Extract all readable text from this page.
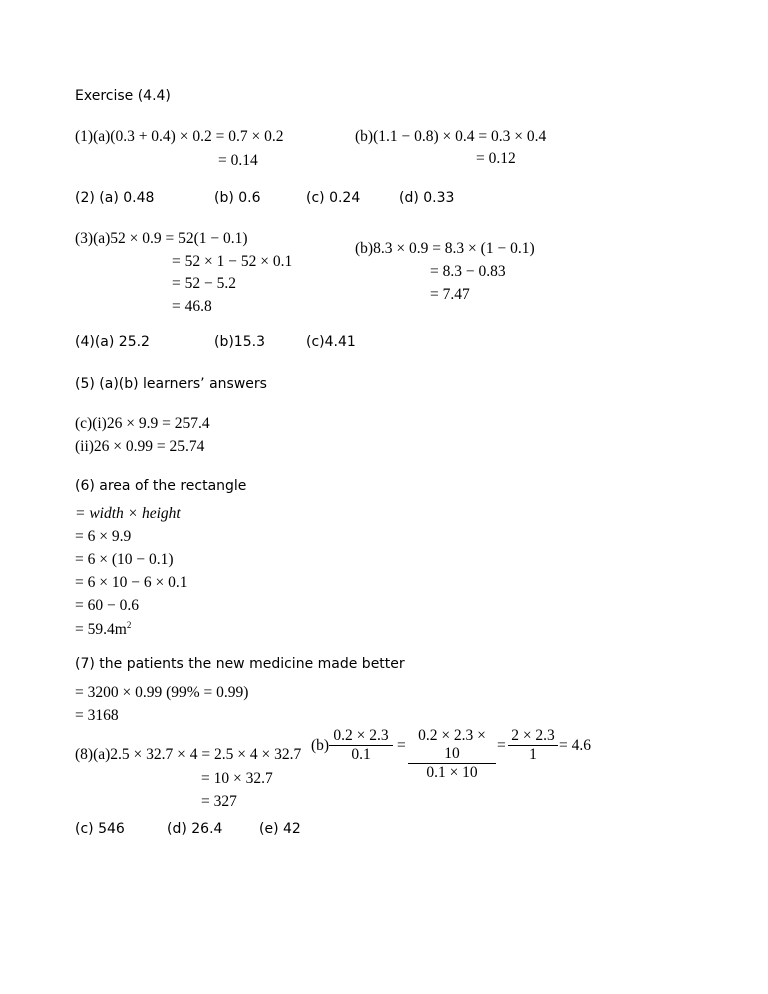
Exercise (4.4)
(1)(a)(0.3 + 0.4) × 0.2 = 0.7 × 0.2
= 0.14
(b)(1.1 − 0.8) × 0.4 = 0.3 × 0.4
= 0.12
(2) (a) 0.48	(b) 0.6	(c) 0.24	(d) 0.33
(3)(a)52 × 0.9 = 52(1 − 0.1)
= 52 × 1 − 52 × 0.1
= 52 − 5.2
= 46.8
(b)8.3 × 0.9 = 8.3 × (1 − 0.1)
= 8.3 − 0.83
= 7.47
(4)(a) 25.2	(b)15.3	(c)4.41
(5) (a)(b) learners’ answers
(c)(i)26 × 9.9 = 257.4
(ii)26 × 0.99 = 25.74
(6) area of the rectangle
= width × height
= 6 × 9.9
= 6 × (10 − 0.1)
= 6 × 10 − 6 × 0.1
= 60 − 0.6
= $59.4m^2$
(7) the patients the new medicine made better
= 3200 × 0.99 (99% = 0.99)
= 3168
(8)(a)2.5 × 32.7 × 4 = 2.5 × 4 × 32.7
= 10 × 32.7
= 327
$(b) \frac{0.2 \times 2.3}{0.1} = \frac{0.2 \times 2.3 \times 10}{0.1 \times 10} = \frac{2 \times 2.3}{1} = 4.6$
(c) 546	(d) 26.4	(e) 42
